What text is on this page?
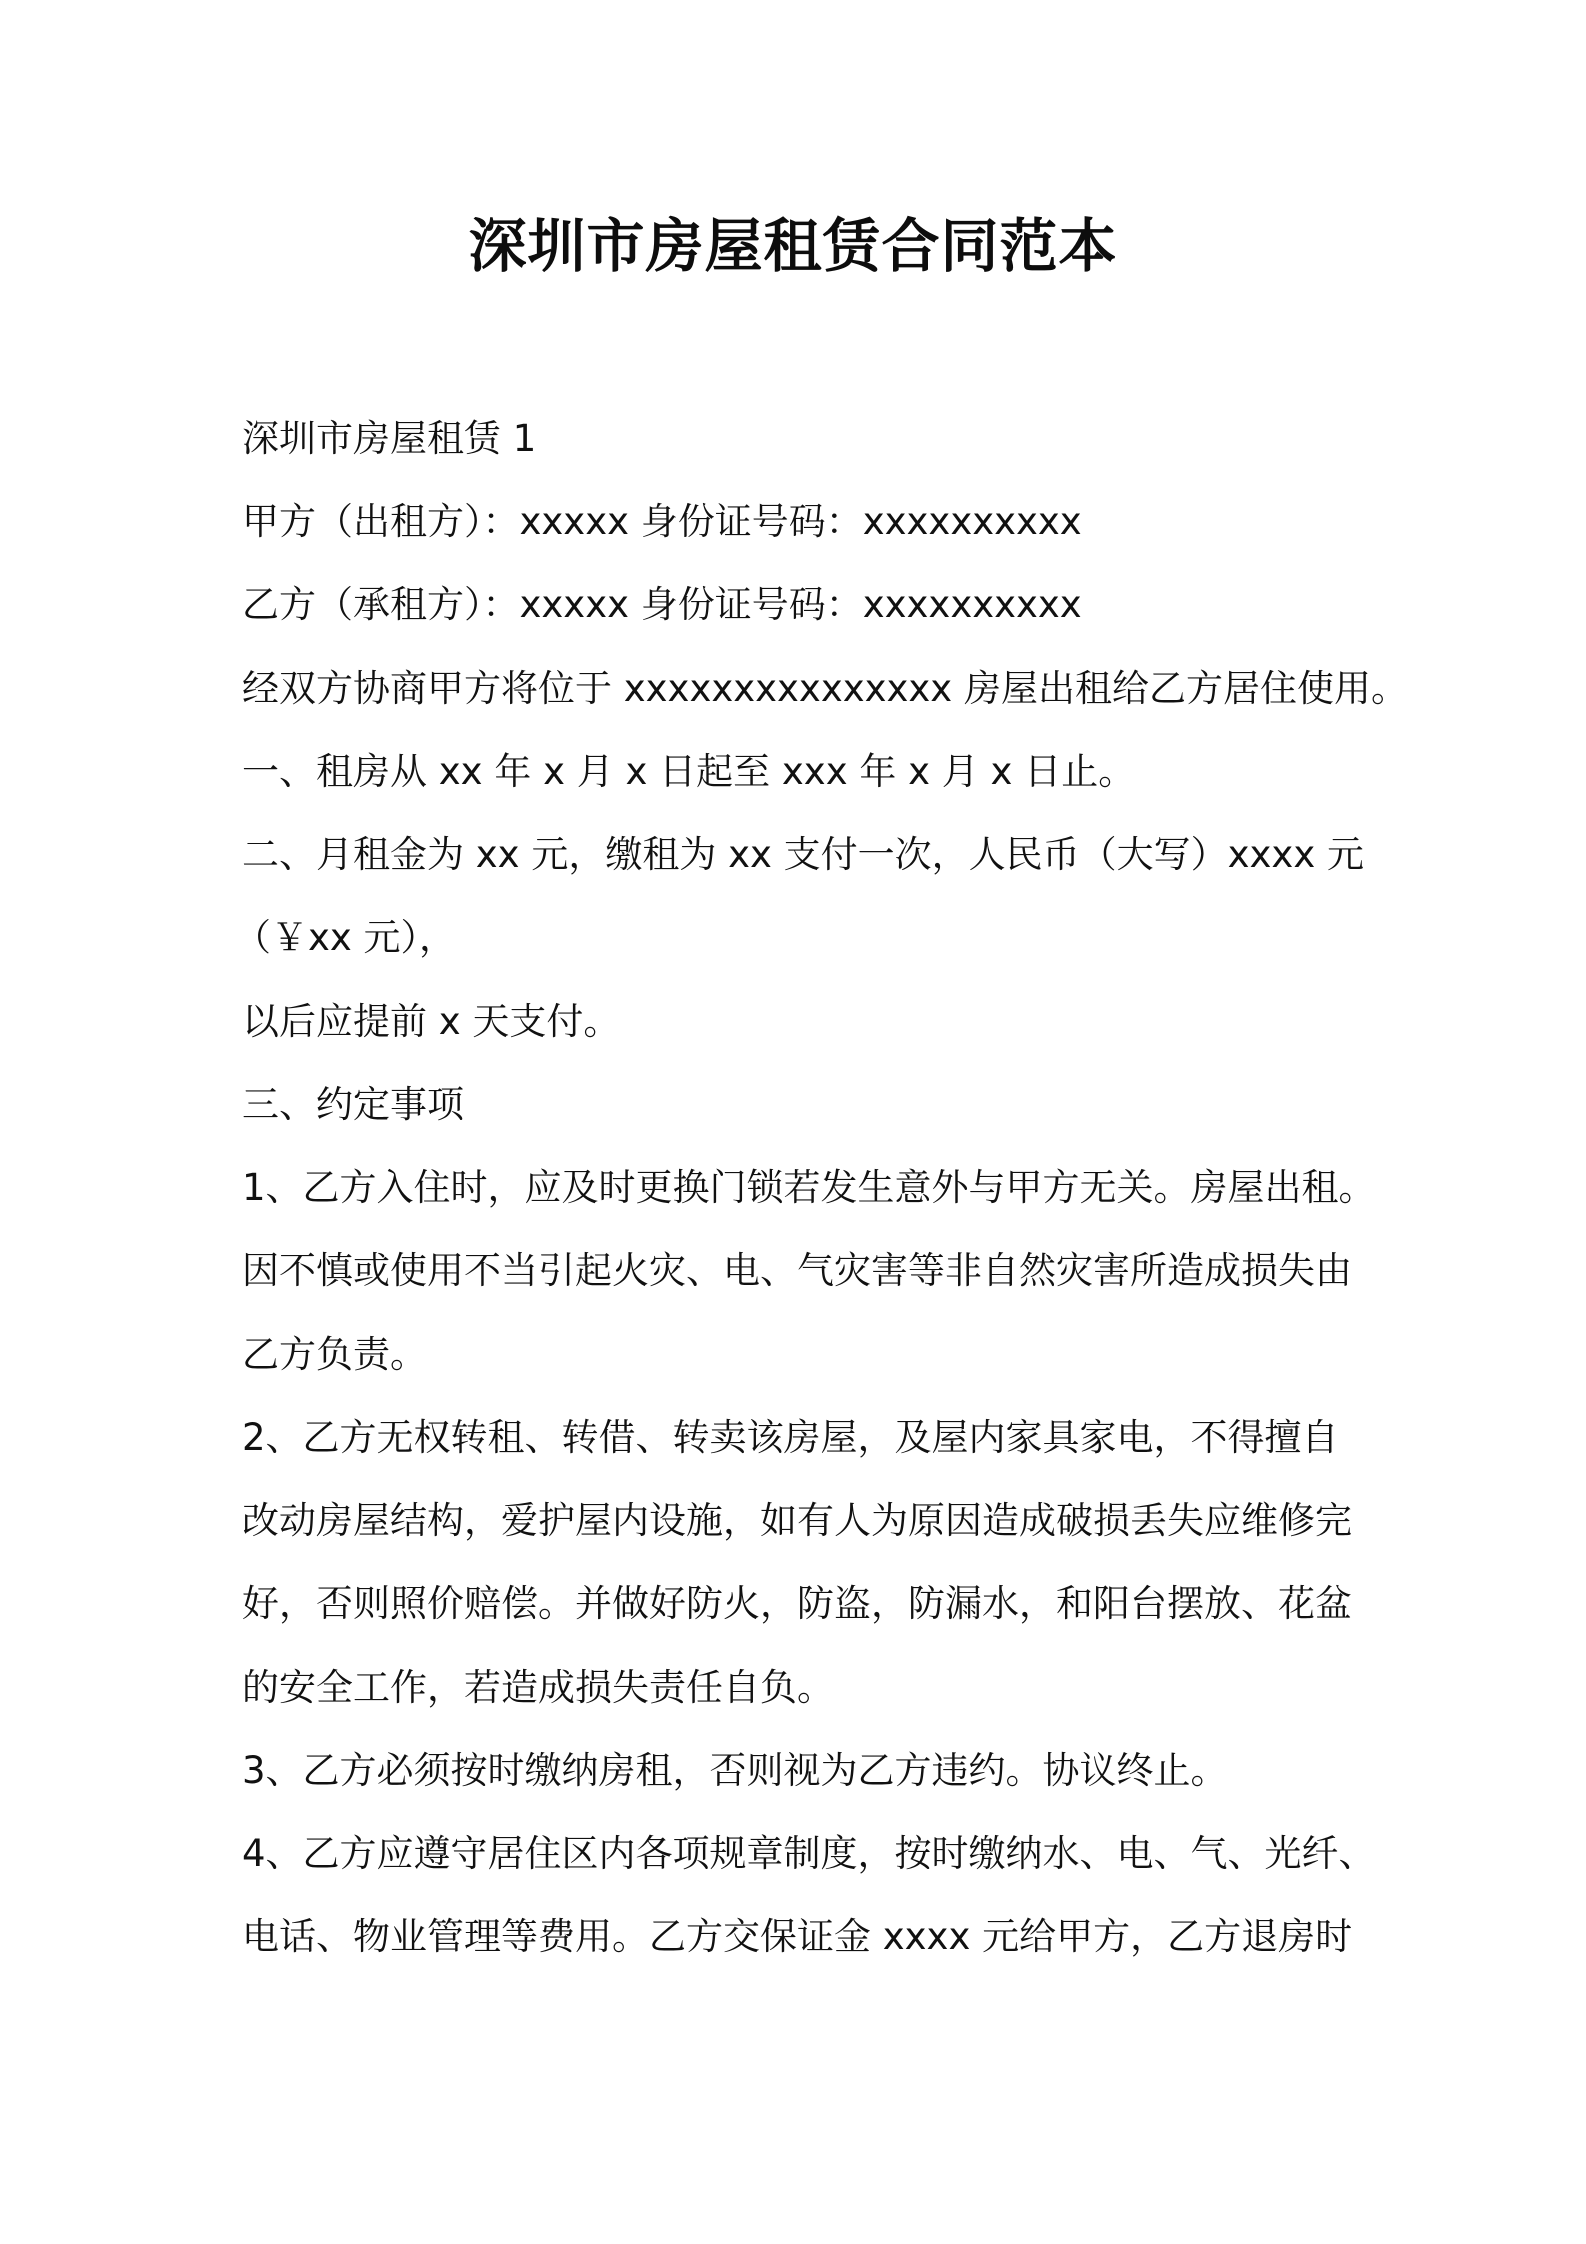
深圳市房屋租赁合同范本
深圳市房屋租赁 1
甲方（出租方）：xxxxx 身份证号码：xxxxxxxxxx
乙方（承租方）：xxxxx 身份证号码：xxxxxxxxxx
经双方协商甲方将位于 xxxxxxxxxxxxxxx 房屋出租给乙方居住使用。
一、租房从 xx 年 x 月 x 日起至 xxx 年 x 月 x 日止。
二、月租金为 xx 元，缴租为 xx 支付一次，人民币（大写）xxxx 元
（￥xx 元），
以后应提前 x 天支付。
三、约定事项
1、乙方入住时，应及时更换门锁若发生意外与甲方无关。房屋出租。
因不慎或使用不当引起火灾、电、气灾害等非自然灾害所造成损失由
乙方负责。
2、乙方无权转租、转借、转卖该房屋，及屋内家具家电，不得擅自
改动房屋结构，爱护屋内设施，如有人为原因造成破损丢失应维修完
好，否则照价赔偿。并做好防火，防盗，防漏水，和阳台摆放、花盆
的安全工作，若造成损失责任自负。
3、乙方必须按时缴纳房租，否则视为乙方违约。协议终止。
4、乙方应遵守居住区内各项规章制度，按时缴纳水、电、气、光纤、
电话、物业管理等费用。乙方交保证金 xxxx 元给甲方，乙方退房时
